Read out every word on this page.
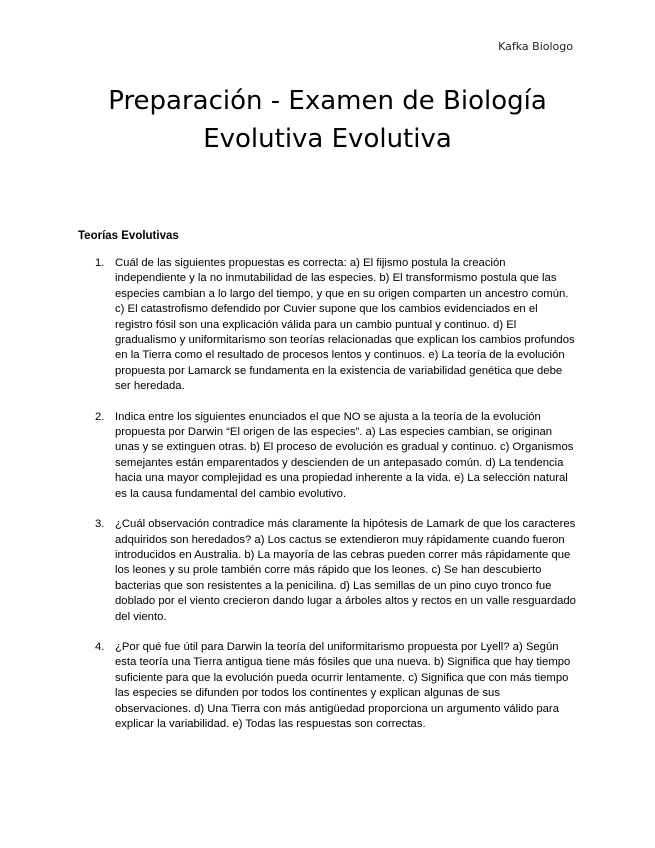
Kafka Biologo
Preparación - Examen de Biología
Evolutiva Evolutiva
Teorías Evolutivas
1. Cuál de las siguientes propuestas es correcta: a) El fijismo postula la creación independiente y la no inmutabilidad de las especies. b) El transformismo postula que las especies cambian a lo largo del tiempo, y que en su origen comparten un ancestro común. c) El catastrofismo defendido por Cuvier supone que los cambios evidenciados en el registro fósil son una explicación válida para un cambio puntual y continuo. d) El gradualismo y uniformitarismo son teorías relacionadas que explican los cambios profundos en la Tierra como el resultado de procesos lentos y continuos. e) La teoría de la evolución propuesta por Lamarck se fundamenta en la existencia de variabilidad genética que debe ser heredada.
2. Indica entre los siguientes enunciados el que NO se ajusta a la teoría de la evolución propuesta por Darwin “El origen de las especies”. a) Las especies cambian, se originan unas y se extinguen otras. b) El proceso de evolución es gradual y continuo. c) Organismos semejantes están emparentados y descienden de un antepasado común. d) La tendencia hacia una mayor complejidad es una propiedad inherente a la vida. e) La selección natural es la causa fundamental del cambio evolutivo.
3. ¿Cuál observación contradice más claramente la hipótesis de Lamark de que los caracteres adquiridos son heredados? a) Los cactus se extendieron muy rápidamente cuando fueron introducidos en Australia. b) La mayoría de las cebras pueden correr más rápidamente que los leones y su prole también corre más rápido que los leones. c) Se han descubierto bacterias que son resistentes a la penicilina. d) Las semillas de un pino cuyo tronco fue doblado por el viento crecieron dando lugar a árboles altos y rectos en un valle resguardado del viento.
4. ¿Por qué fue útil para Darwin la teoría del uniformitarismo propuesta por Lyell? a) Según esta teoría una Tierra antigua tiene más fósiles que una nueva. b) Significa que hay tiempo suficiente para que la evolución pueda ocurrir lentamente. c) Significa que con más tiempo las especies se difunden por todos los continentes y explican algunas de sus observaciones. d) Una Tierra con más antigüedad proporciona un argumento válido para explicar la variabilidad. e) Todas las respuestas son correctas.
